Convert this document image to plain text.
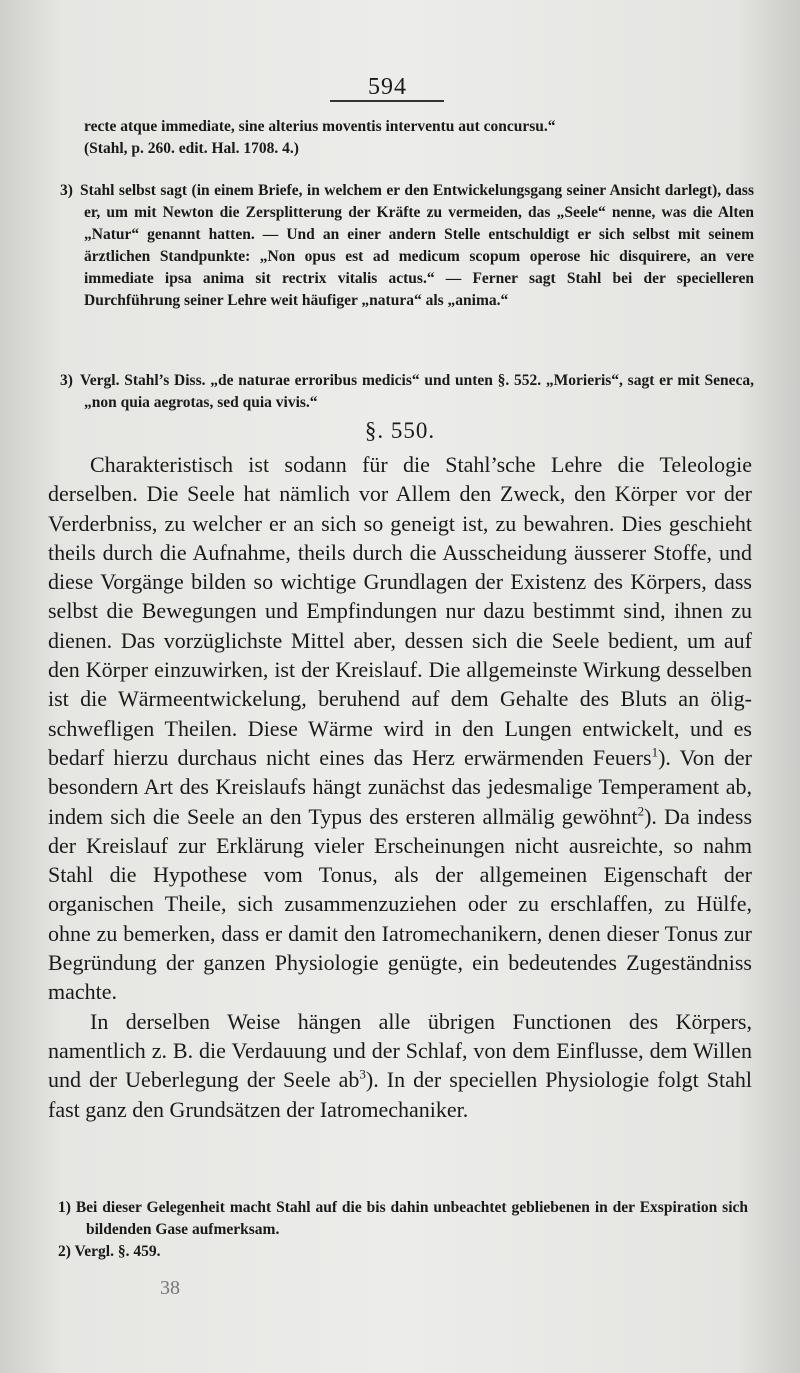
594
recte atque immediate, sine alterius moventis interventu aut concursu.“
(Stahl, p. 260. edit. Hal. 1708. 4.)

3) Stahl selbst sagt (in einem Briefe, in welchem er den Entwickelungsgang seiner Ansicht darlegt), dass er, um mit Newton die Zersplitterung der Kräfte zu vermeiden, das „Seele“ nenne, was die Alten „Natur“ genannt hatten. — Und an einer andern Stelle entschuldigt er sich selbst mit seinem ärztlichen Standpunkte: „Non opus est ad medicum scopum operose hic disquirere, an vere immediate ipsa anima sit rectrix vitalis actus.“ — Ferner sagt Stahl bei der specielleren Durchführung seiner Lehre weit häufiger „natura“ als „anima.“

3) Vergl. Stahl’s Diss. „de naturae erroribus medicis“ und unten §. 552. „Morieris“, sagt er mit Seneca, „non quia aegrotas, sed quia vivis.“

§. 550.

Charakteristisch ist sodann für die Stahl’sche Lehre die Teleologie derselben. Die Seele hat nämlich vor Allem den Zweck, den Körper vor der Verderbniss, zu welcher er an sich so geneigt ist, zu bewahren. Dies geschieht theils durch die Aufnahme, theils durch die Ausscheidung äusserer Stoffe, und diese Vorgänge bilden so wichtige Grundlagen der Existenz des Körpers, dass selbst die Bewegungen und Empfindungen nur dazu bestimmt sind, ihnen zu dienen. Das vorzüglichste Mittel aber, dessen sich die Seele bedient, um auf den Körper einzuwirken, ist der Kreislauf. Die allgemeinste Wirkung desselben ist die Wärmeentwickelung, beruhend auf dem Gehalte des Bluts an ölig-schwefligen Theilen. Diese Wärme wird in den Lungen entwickelt, und es bedarf hierzu durchaus nicht eines das Herz erwärmenden Feuers$^1$). Von der besondern Art des Kreislaufs hängt zunächst das jedesmalige Temperament ab, indem sich die Seele an den Typus des ersteren allmälig gewöhnt$^2$). Da indess der Kreislauf zur Erklärung vieler Erscheinungen nicht ausreichte, so nahm Stahl die Hypothese vom Tonus, als der allgemeinen Eigenschaft der organischen Theile, sich zusammenzuziehen oder zu erschlaffen, zu Hülfe, ohne zu bemerken, dass er damit den Iatromechanikern, denen dieser Tonus zur Begründung der ganzen Physiologie genügte, ein bedeutendes Zugeständniss machte.

In derselben Weise hängen alle übrigen Functionen des Körpers, namentlich z. B. die Verdauung und der Schlaf, von dem Einflusse, dem Willen und der Ueberlegung der Seele $ab^3$). In der speciellen Physiologie folgt Stahl fast ganz den Grundsätzen der Iatromechaniker.

1) Bei dieser Gelegenheit macht Stahl auf die bis dahin unbeachtet gebliebenen in der Exspiration sich bildenden Gase aufmerksam.

2) Vergl. §. 459.

38
